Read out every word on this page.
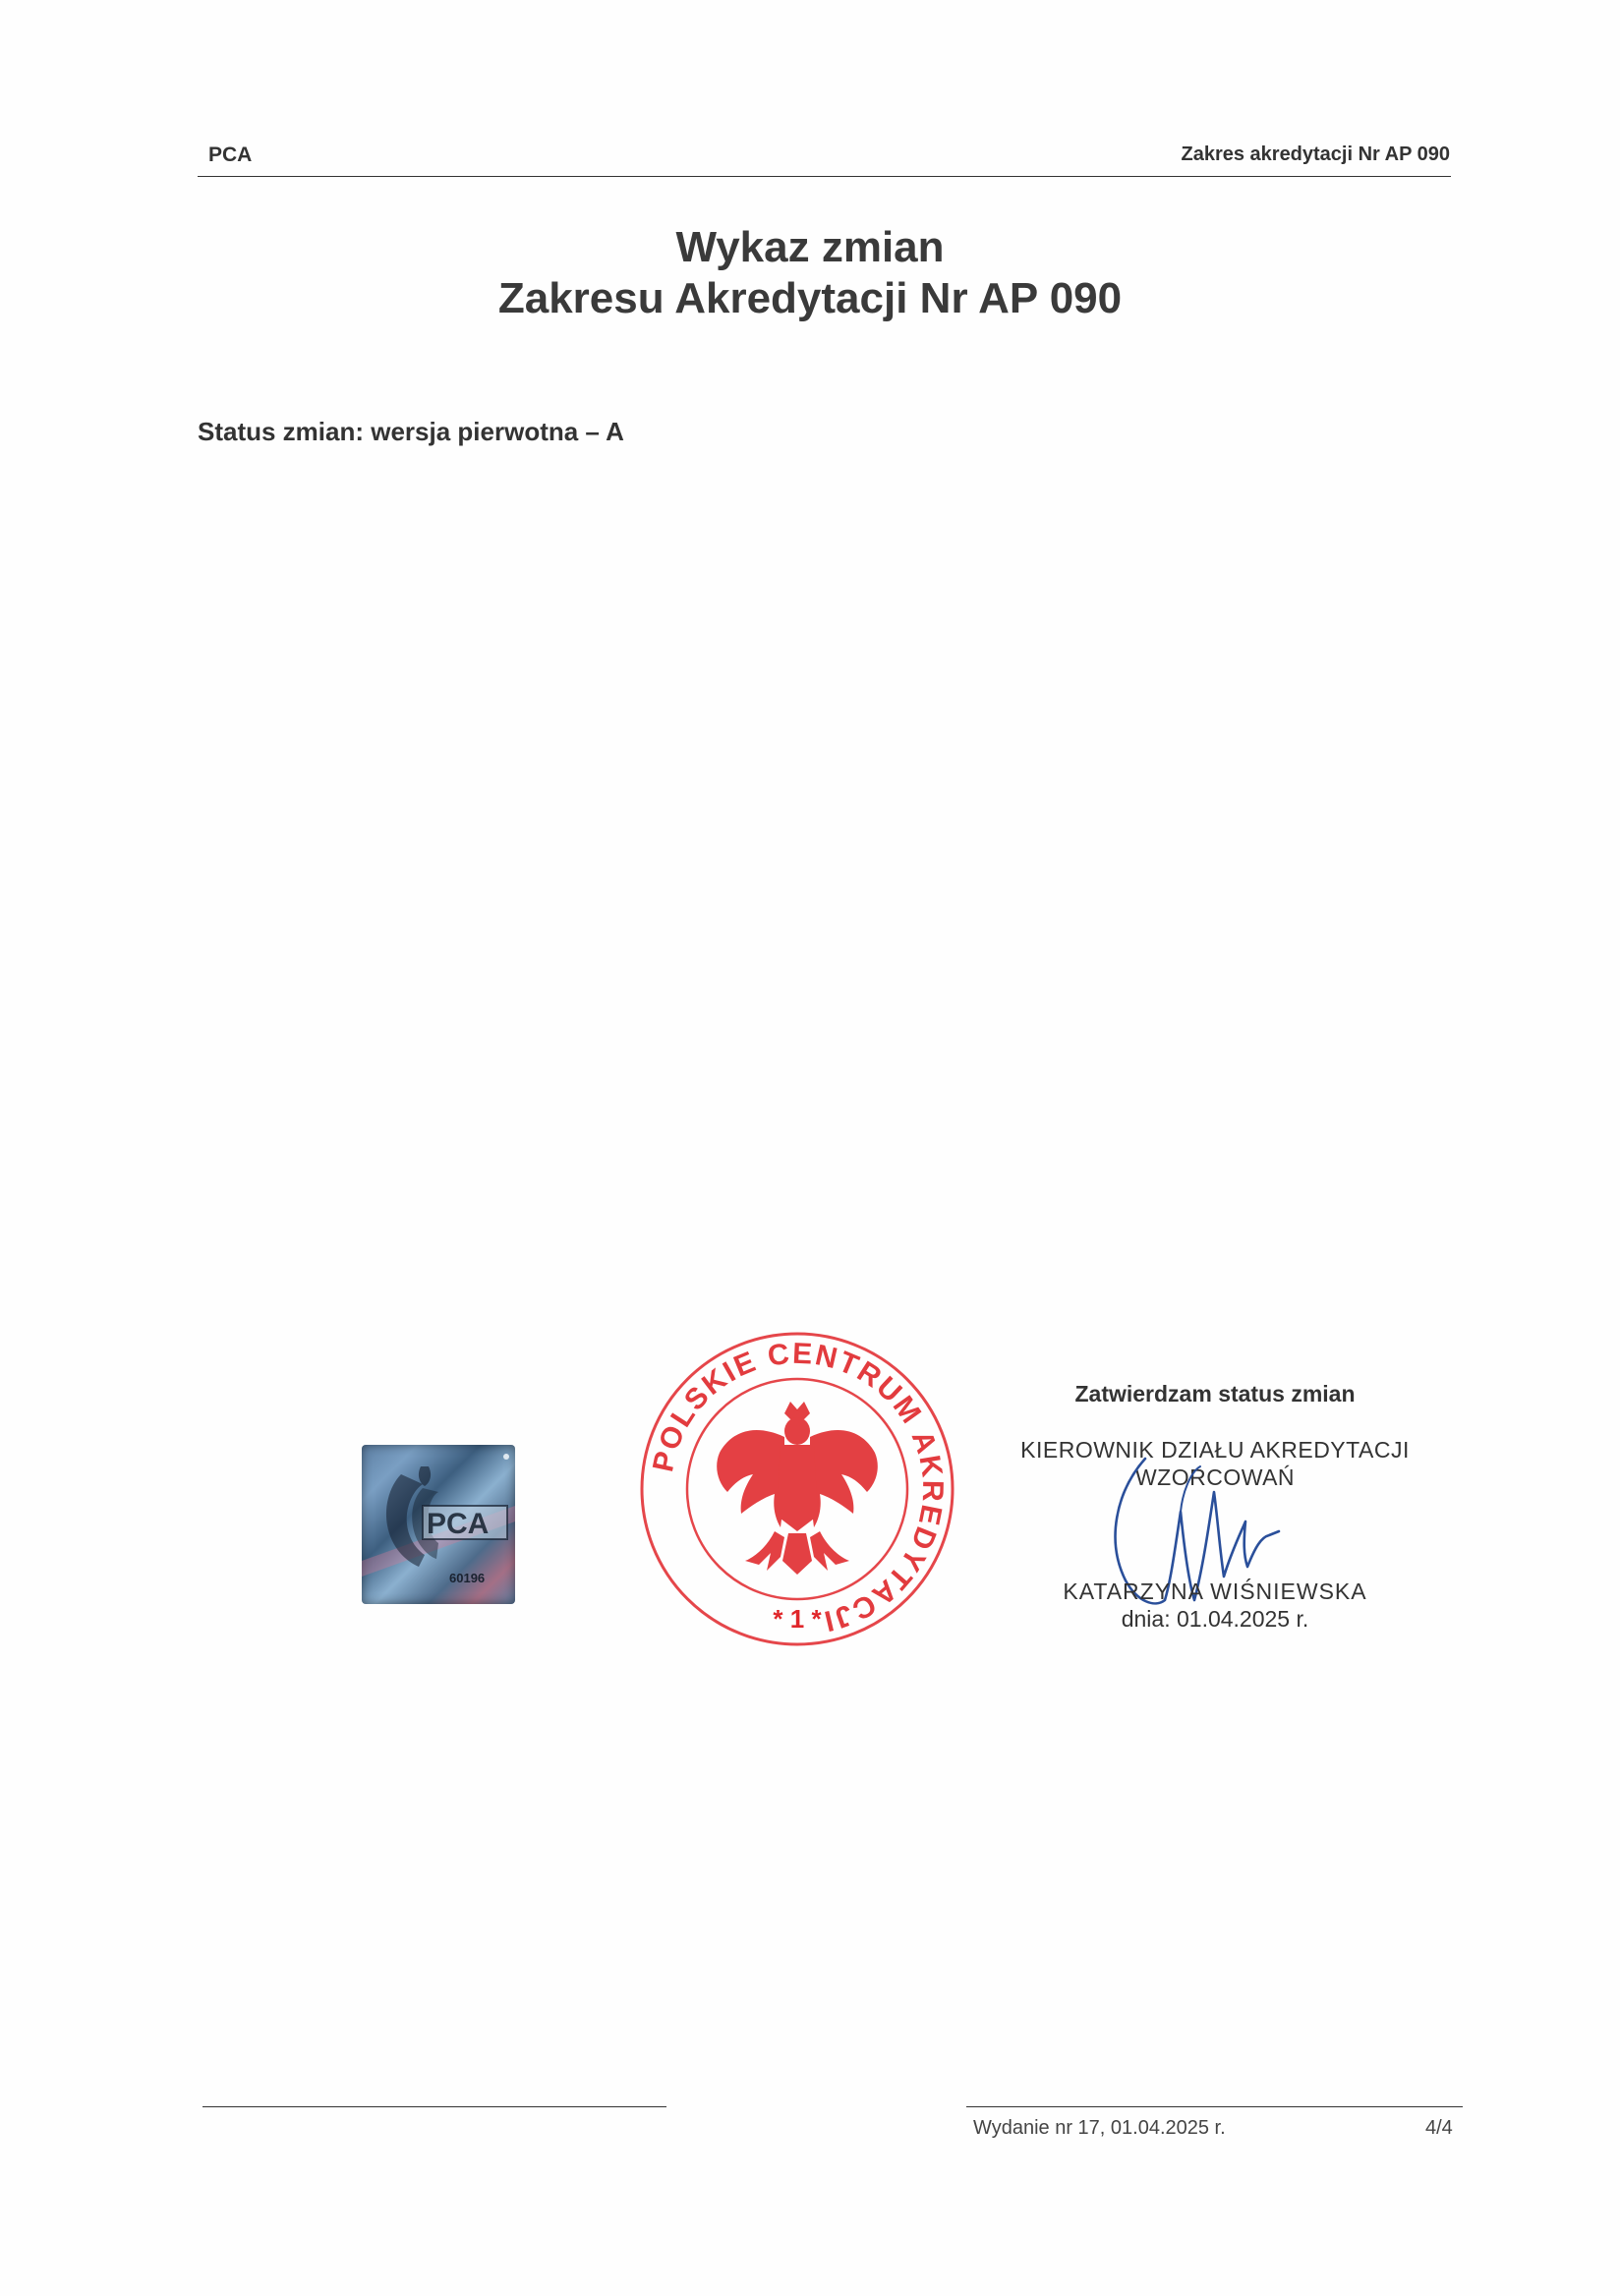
PCA	Zakres akredytacji Nr AP 090
Wykaz zmian
Zakresu Akredytacji Nr AP 090
Status zmian: wersja pierwotna – A
PCA
60196
POLSKIE CENTRUM AKREDYTACJI
* 1 *
Zatwierdzam status zmian
KIEROWNIK DZIAŁU AKREDYTACJI
WZORCOWAŃ
KATARZYNA WIŚNIEWSKA
dnia: 01.04.2025 r.
Wydanie nr 17, 01.04.2025 r.	4/4
